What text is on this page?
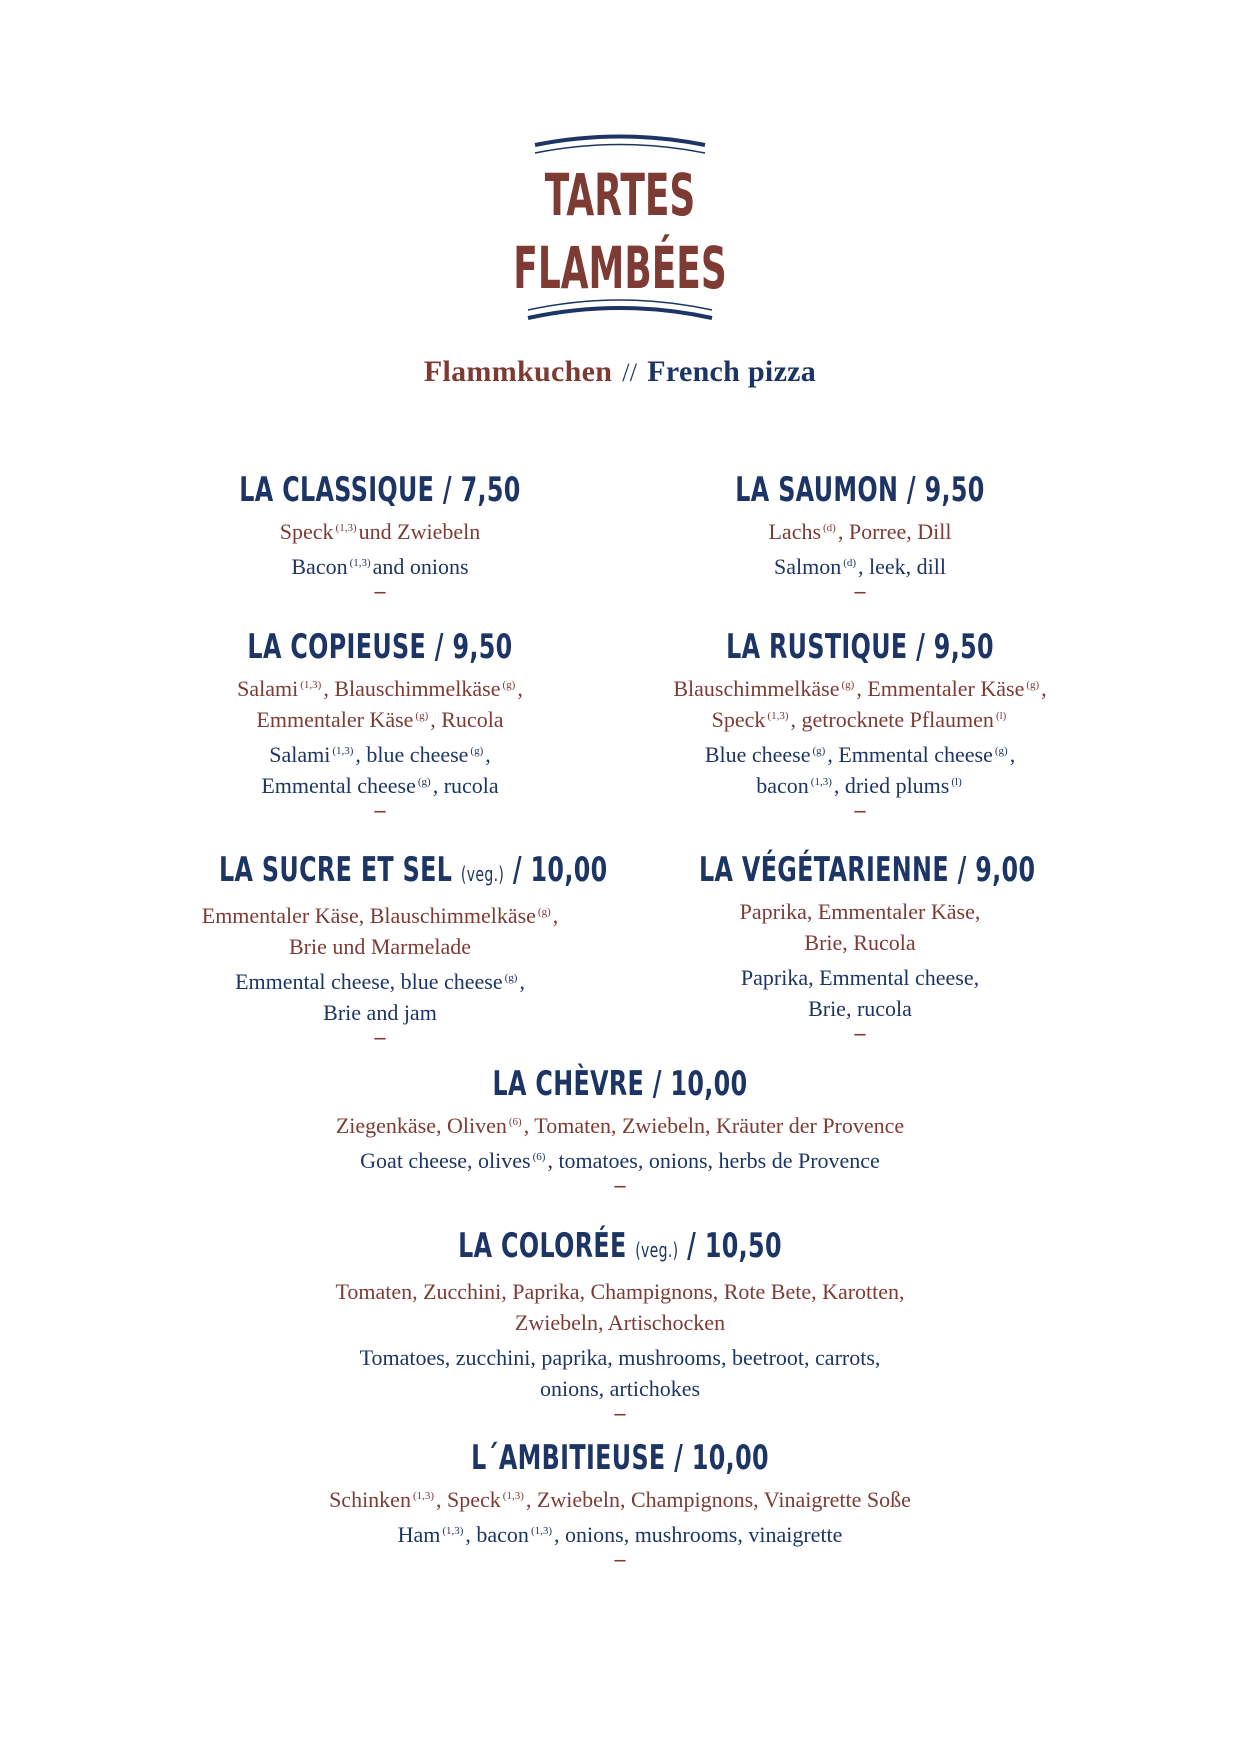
TARTES
FLAMBÉES
Flammkuchen // French pizza
LA CLASSIQUE / 7,50
Speck $^{(1,3)}$und Zwiebeln
Bacon $^{(1,3)}$and onions
–
LA SAUMON / 9,50
Lachs $^{(d)}$, Porree, Dill
Salmon $^{(d)}$, leek, dill
–
LA COPIEUSE / 9,50
Salami $^{(1,3)}$, Blauschimmelkäse $^{(g)}$,
Emmentaler Käse $^{(g)}$, Rucola
Salami $^{(1,3)}$, blue cheese $^{(g)}$,
Emmental cheese $^{(g)}$, rucola
–
LA RUSTIQUE / 9,50
Blauschimmelkäse $^{(g)}$, Emmentaler Käse $^{(g)}$,
Speck $^{(1,3)}$, getrocknete Pflaumen $^{(l)}$
Blue cheese $^{(g)}$, Emmental cheese $^{(g)}$,
bacon $^{(1,3)}$, dried plums $^{(l)}$
–
LA SUCRE ET SEL (veg.) / 10,00
Emmentaler Käse, Blauschimmelkäse $^{(g)}$,
Brie und Marmelade
Emmental cheese, blue cheese $^{(g)}$,
Brie and jam
–
LA VÉGÉTARIENNE / 9,00
Paprika, Emmentaler Käse,
Brie, Rucola
Paprika, Emmental cheese,
Brie, rucola
–
LA CHÈVRE / 10,00
Ziegenkäse, Oliven $^{(6)}$, Tomaten, Zwiebeln, Kräuter der Provence
Goat cheese, olives $^{(6)}$, tomatoes, onions, herbs de Provence
–
LA COLORÉE (veg.) / 10,50
Tomaten, Zucchini, Paprika, Champignons, Rote Bete, Karotten,
Zwiebeln, Artischocken
Tomatoes, zucchini, paprika, mushrooms, beetroot, carrots,
onions, artichokes
–
L´AMBITIEUSE / 10,00
Schinken $^{(1,3)}$, Speck $^{(1,3)}$, Zwiebeln, Champignons, Vinaigrette Soße
Ham $^{(1,3)}$, bacon $^{(1,3)}$, onions, mushrooms, vinaigrette
–
